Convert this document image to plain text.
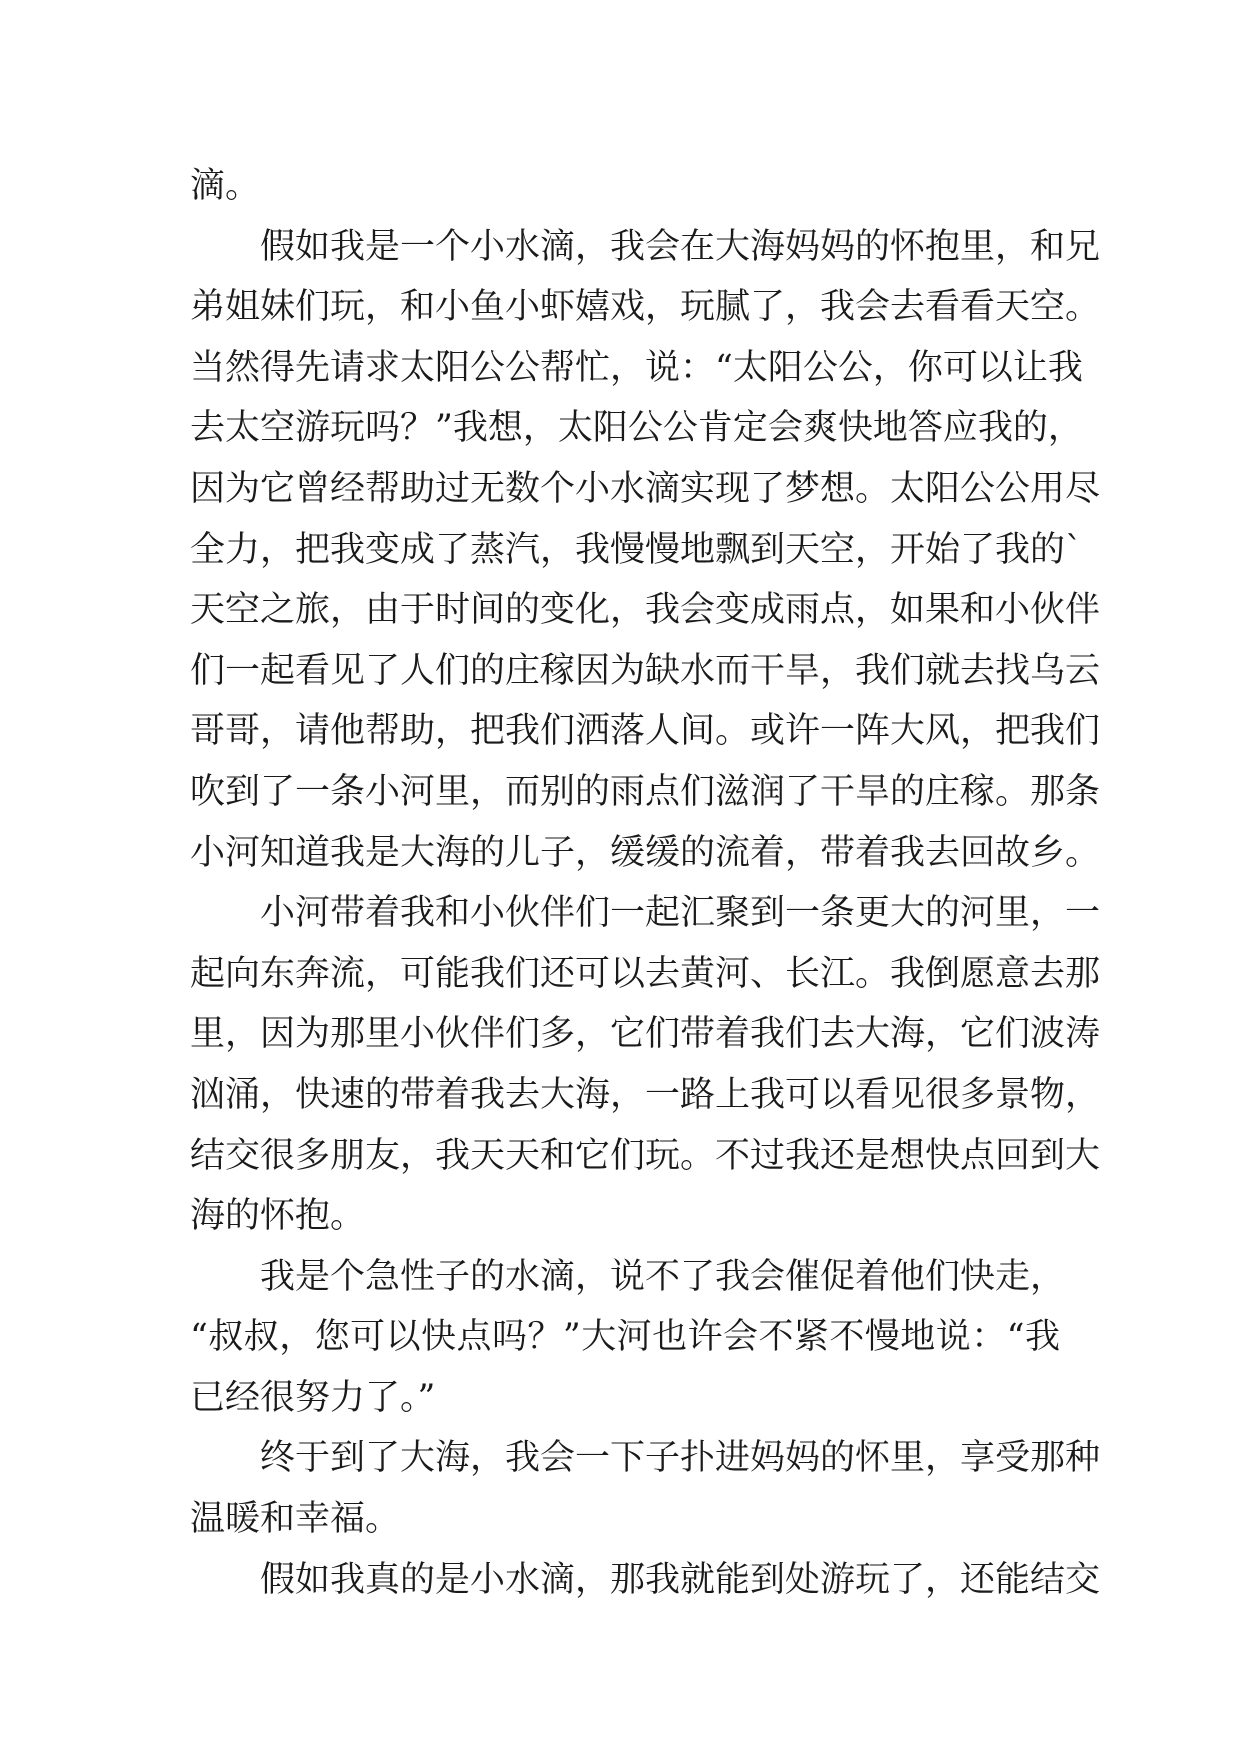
滴。
　　假如我是一个小水滴，我会在大海妈妈的怀抱里，和兄
弟姐妹们玩，和小鱼小虾嬉戏，玩腻了，我会去看看天空。
当然得先请求太阳公公帮忙，说：“太阳公公，你可以让我
去太空游玩吗？”我想，太阳公公肯定会爽快地答应我的，
因为它曾经帮助过无数个小水滴实现了梦想。太阳公公用尽
全力，把我变成了蒸汽，我慢慢地飘到天空，开始了我的`
天空之旅，由于时间的变化，我会变成雨点，如果和小伙伴
们一起看见了人们的庄稼因为缺水而干旱，我们就去找乌云
哥哥，请他帮助，把我们洒落人间。或许一阵大风，把我们
吹到了一条小河里，而别的雨点们滋润了干旱的庄稼。那条
小河知道我是大海的儿子，缓缓的流着，带着我去回故乡。
　　小河带着我和小伙伴们一起汇聚到一条更大的河里，一
起向东奔流，可能我们还可以去黄河、长江。我倒愿意去那
里，因为那里小伙伴们多，它们带着我们去大海，它们波涛
汹涌，快速的带着我去大海，一路上我可以看见很多景物，
结交很多朋友，我天天和它们玩。不过我还是想快点回到大
海的怀抱。
　　我是个急性子的水滴，说不了我会催促着他们快走，
“叔叔，您可以快点吗？”大河也许会不紧不慢地说：“我
已经很努力了。”
　　终于到了大海，我会一下子扑进妈妈的怀里，享受那种
温暖和幸福。
　　假如我真的是小水滴，那我就能到处游玩了，还能结交
